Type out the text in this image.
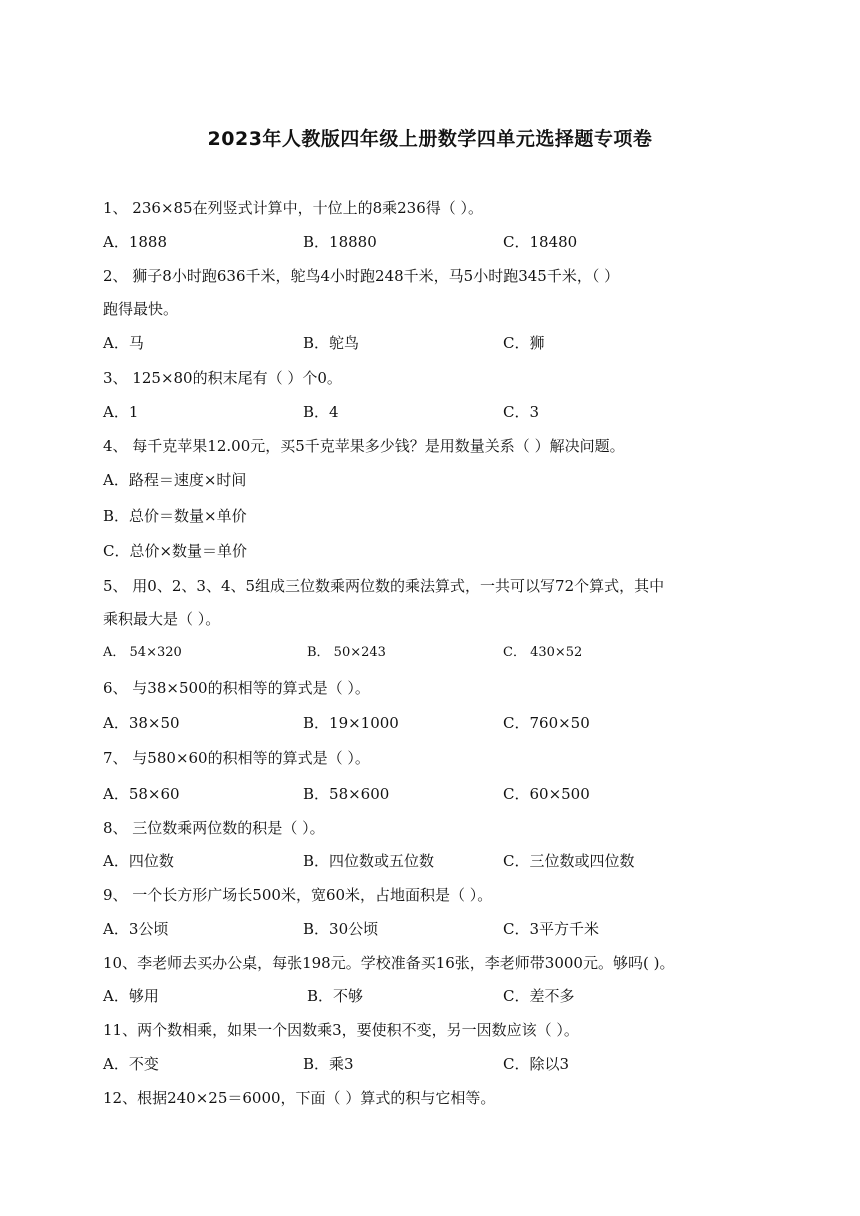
2023年人教版四年级上册数学四单元选择题专项卷
1、 236×85在列竖式计算中，十位上的8乘236得（ ）。
A．1888	B．18880	C．18480
2、 狮子8小时跑636千米，鸵鸟4小时跑248千米，马5小时跑345千米，（ ）
跑得最快。
A．马	B．鸵鸟	C．狮
3、 125×80的积末尾有（ ）个0。
A．1	B．4	C．3
4、 每千克苹果12.00元，买5千克苹果多少钱？是用数量关系（ ）解决问题。
A．路程＝速度×时间
B．总价＝数量×单价
C．总价×数量＝单价
5、 用0、2、3、4、5组成三位数乘两位数的乘法算式，一共可以写72个算式，其中
乘积最大是（ ）。
A． 54×320	B． 50×243	C． 430×52
6、 与38×500的积相等的算式是（ ）。
A．38×50	B．19×1000	C．760×50
7、 与580×60的积相等的算式是（ ）。
A．58×60	B．58×600	C．60×500
8、 三位数乘两位数的积是（ ）。
A．四位数	B．四位数或五位数	C．三位数或四位数
9、 一个长方形广场长500米，宽60米，占地面积是（ ）。
A．3公顷	B．30公顷	C．3平方千米
10、李老师去买办公桌，每张198元。学校准备买16张，李老师带3000元。够吗( )。
A．够用	B．不够	C．差不多
11、两个数相乘，如果一个因数乘3，要使积不变，另一因数应该（ ）。
A．不变	B．乘3	C．除以3
12、根据240×25＝6000，下面（ ）算式的积与它相等。
